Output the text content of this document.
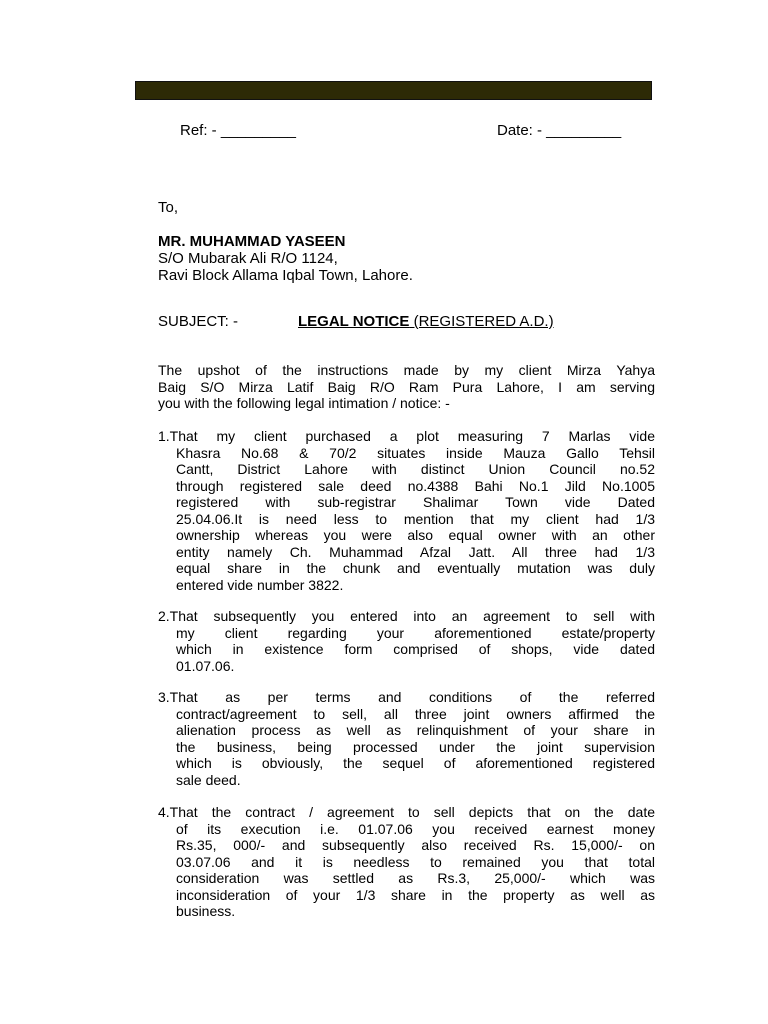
Ref: - _________	Date: - _________
To,
MR. MUHAMMAD YASEEN
S/O Mubarak Ali R/O 1124,
Ravi Block Allama Iqbal Town, Lahore.
SUBJECT: -	LEGAL NOTICE (REGISTERED A.D.)
The upshot of the instructions made by my client Mirza Yahya
Baig S/O Mirza Latif Baig R/O Ram Pura Lahore, I am serving
you with the following legal intimation / notice: -
1.That my client purchased a plot measuring 7 Marlas vide
Khasra No.68 & 70/2 situates inside Mauza Gallo Tehsil
Cantt, District Lahore with distinct Union Council no.52
through registered sale deed no.4388 Bahi No.1 Jild No.1005
registered with sub-registrar Shalimar Town vide Dated
25.04.06.It is need less to mention that my client had 1/3
ownership whereas you were also equal owner with an other
entity namely Ch. Muhammad Afzal Jatt. All three had 1/3
equal share in the chunk and eventually mutation was duly
entered vide number 3822.
2.That subsequently you entered into an agreement to sell with
my client regarding your aforementioned estate/property
which in existence form comprised of shops, vide dated
01.07.06.
3.That as per terms and conditions of the referred
contract/agreement to sell, all three joint owners affirmed the
alienation process as well as relinquishment of your share in
the business, being processed under the joint supervision
which is obviously, the sequel of aforementioned registered
sale deed.
4.That the contract / agreement to sell depicts that on the date
of its execution i.e. 01.07.06 you received earnest money
Rs.35, 000/- and subsequently also received Rs. 15,000/- on
03.07.06 and it is needless to remained you that total
consideration was settled as Rs.3, 25,000/- which was
inconsideration of your 1/3 share in the property as well as
business.
